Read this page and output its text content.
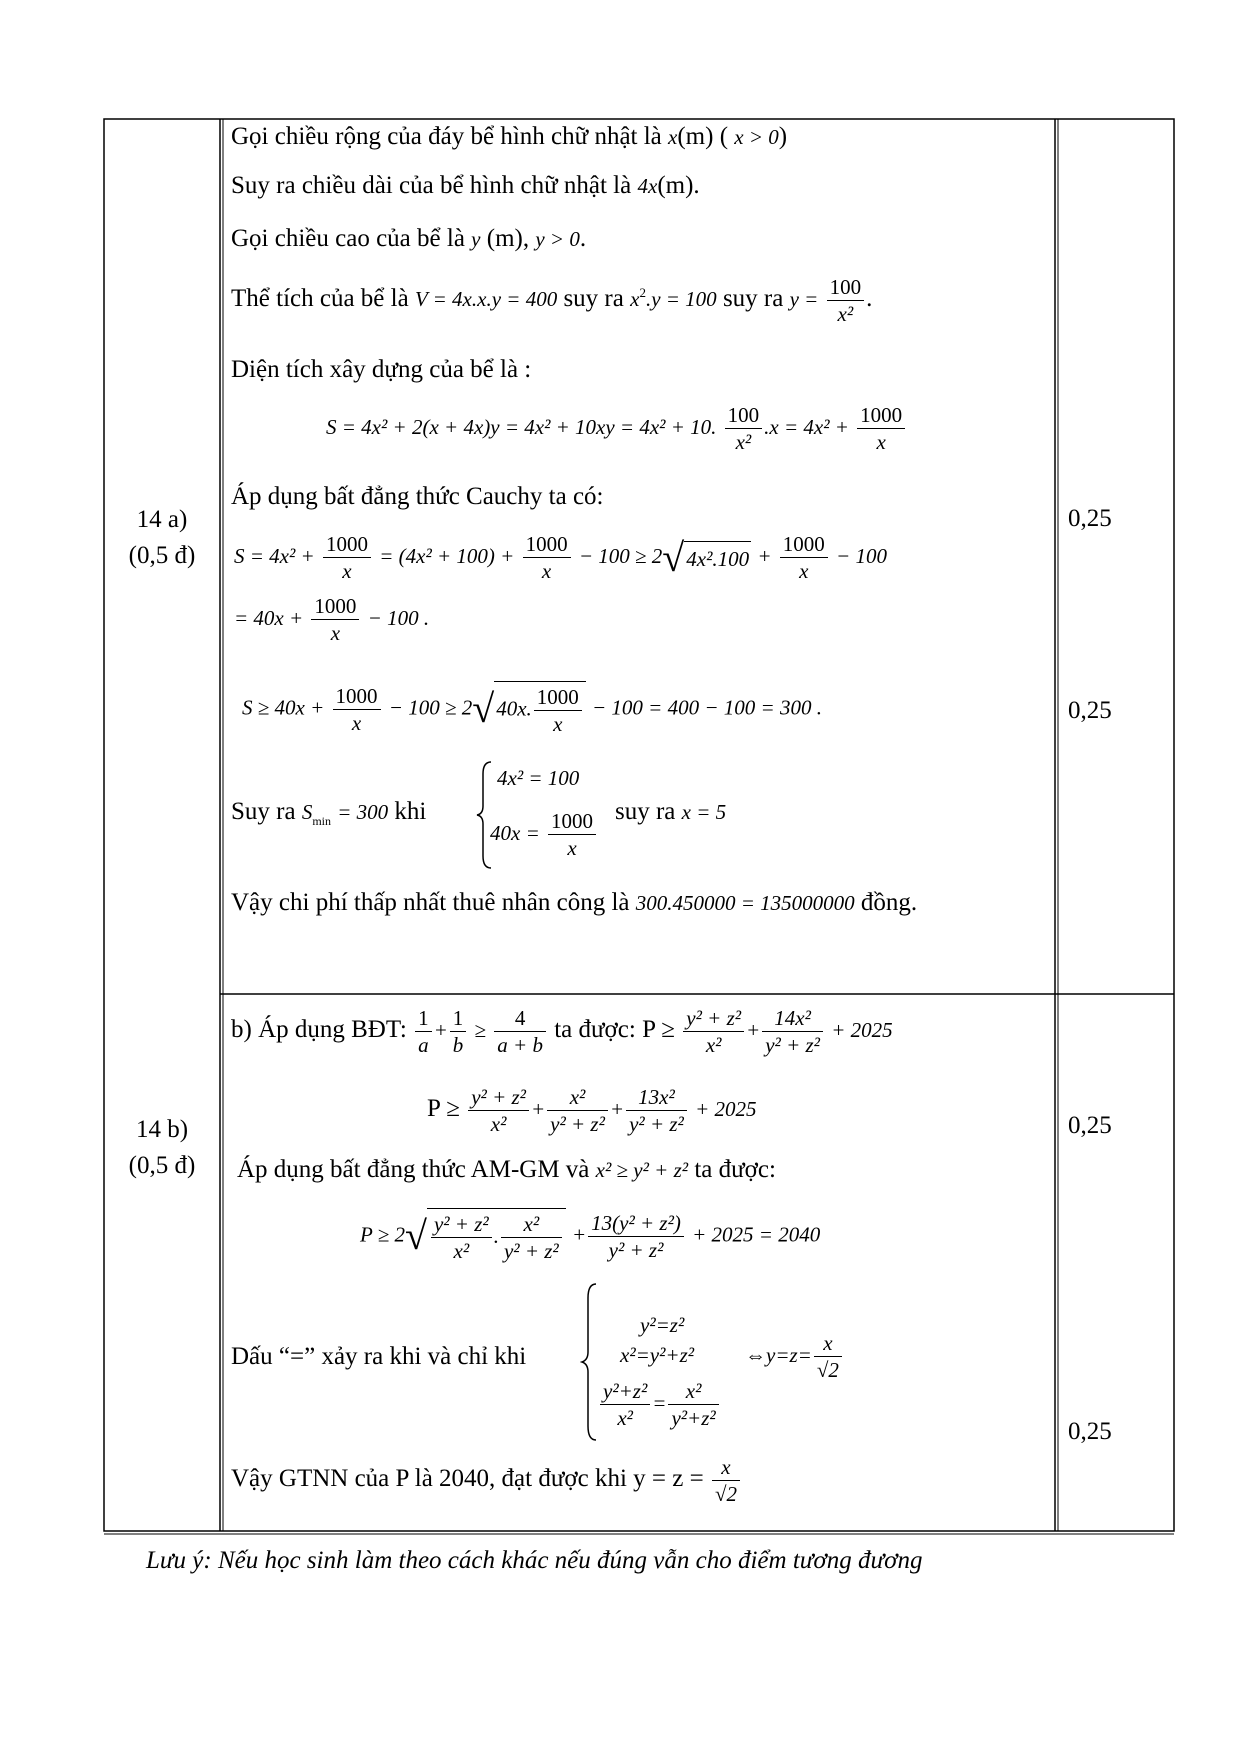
14 a)
(0,5 đ)
0,25
0,25
Gọi chiều rộng của đáy bể hình chữ nhật là x(m) ( x > 0)
Suy ra chiều dài của bể hình chữ nhật là 4x(m).
Gọi chiều cao của bể là y (m), y > 0.
Thể tích của bể là V = 4x.x.y = 400 suy ra $x^2.y = 100$ suy ra $y = \frac{100}{\text{x²}}$ .
Diện tích xây dựng của bể là :
S = 4x² + 2(x + 4x)y = 4x² + 10xy = 4x² + 10. $\frac{100}{\text{x²}} .x = 4x^2 + \frac{1000}{x}$
Áp dụng bất đẳng thức Cauchy ta có:
$S = 4x^2 + \frac{1000}{x} = (4x^2 + 100) + \frac{1000}{x} - 100 \ge 2√4x^2.100 + \frac{1000}{x} - 100$
= $40x + \frac{1000}{x} - 100$ .
$S \ge 40x + \frac{1000}{x} - 100 \ge 2√40x$. $\frac{1000}{x} - 100 = 400 - 100 = 300$ .
Suy ra $S_{min} = 300$ khi
4x² = 100
$40x = \frac{1000}{x}$ suy ra x = 5
Vậy chi phí thấp nhất thuê nhân công là 300.450000 = 135000000 đồng.
14 b)
(0,5 đ)
0,25
0,25
b) Áp dụng BĐT: $\frac{1}{a} + \frac{1}{b} \ge \frac{4}{a + b}$ ta được: $P \ge \frac{\text{y² + z²}}{\text{x²}} + \frac{\text{14x²}}{\text{y² + z²}} + 2025$
$P \ge \frac{\text{y² + z²}}{\text{x²}} + \frac{\text{x²}}{\text{y² + z²}} + \frac{\text{13x²}}{\text{y² + z²}} + 2025$
Áp dụng bất đẳng thức AM-GM và x² ≥ y² + z² ta được:
$P \ge 2√ \frac{\text{y² + z²}}{\text{x²}}$ . $\frac{\text{x²}}{\text{y² + z²}} + \frac{\text{13(y² + z²)}}{\text{y² + z²}} + 2025 = 2040$
Dấu “=” xảy ra khi và chỉ khi
y²=z²
x²=y²+z²
$\frac{\text{y²+z²}}{\text{x²}} = \frac{\text{x²}}{\text{y²+z²}}$
⇔y=z= $\frac{x}{√2}$
Vậy GTNN của P là 2040, đạt được khi $y = z = \frac{x}{√2}$
Lưu ý: Nếu học sinh làm theo cách khác nếu đúng vẫn cho điểm tương đương
